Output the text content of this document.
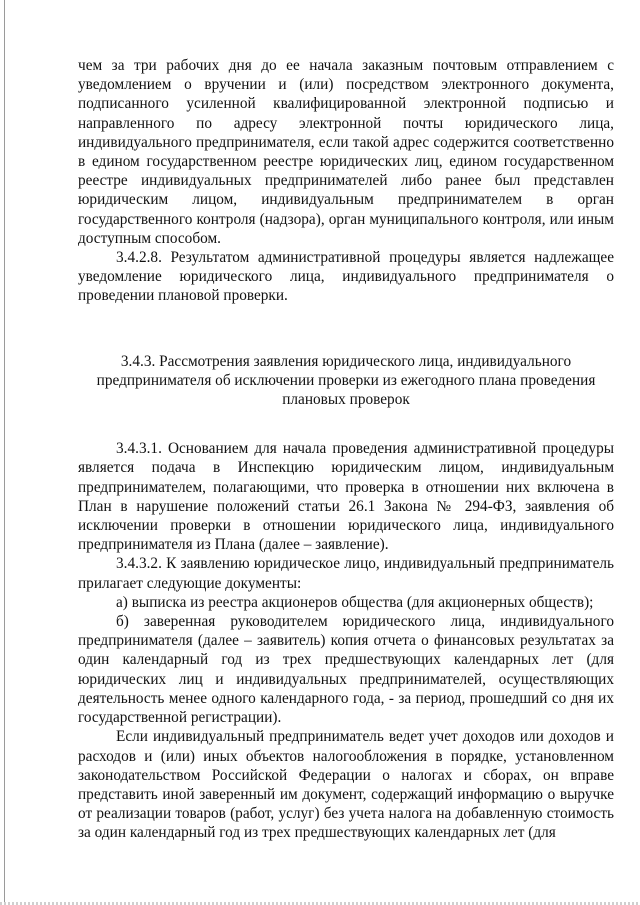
чем за три рабочих дня до ее начала заказным почтовым отправлением с уведомлением о вручении и (или) посредством электронного документа, подписанного усиленной квалифицированной электронной подписью и направленного по адресу электронной почты юридического лица, индивидуального предпринимателя, если такой адрес содержится соответственно в едином государственном реестре юридических лиц, едином государственном реестре индивидуальных предпринимателей либо ранее был представлен юридическим лицом, индивидуальным предпринимателем в орган государственного контроля (надзора), орган муниципального контроля, или иным доступным способом.

3.4.2.8. Результатом административной процедуры является надлежащее уведомление юридического лица, индивидуального предпринимателя о проведении плановой проверки.

3.4.3. Рассмотрения заявления юридического лица, индивидуального предпринимателя об исключении проверки из ежегодного плана проведения плановых проверок

3.4.3.1. Основанием для начала проведения административной процедуры является подача в Инспекцию юридическим лицом, индивидуальным предпринимателем, полагающими, что проверка в отношении них включена в План в нарушение положений статьи 26.1 Закона № 294-ФЗ, заявления об исключении проверки в отношении юридического лица, индивидуального предпринимателя из Плана (далее – заявление).

3.4.3.2. К заявлению юридическое лицо, индивидуальный предприниматель прилагает следующие документы:

а) выписка из реестра акционеров общества (для акционерных обществ);

б) заверенная руководителем юридического лица, индивидуального предпринимателя (далее – заявитель) копия отчета о финансовых результатах за один календарный год из трех предшествующих календарных лет (для юридических лиц и индивидуальных предпринимателей, осуществляющих деятельность менее одного календарного года, - за период, прошедший со дня их государственной регистрации).

Если индивидуальный предприниматель ведет учет доходов или доходов и расходов и (или) иных объектов налогообложения в порядке, установленном законодательством Российской Федерации о налогах и сборах, он вправе представить иной заверенный им документ, содержащий информацию о выручке от реализации товаров (работ, услуг) без учета налога на добавленную стоимость за один календарный год из трех предшествующих календарных лет (для
